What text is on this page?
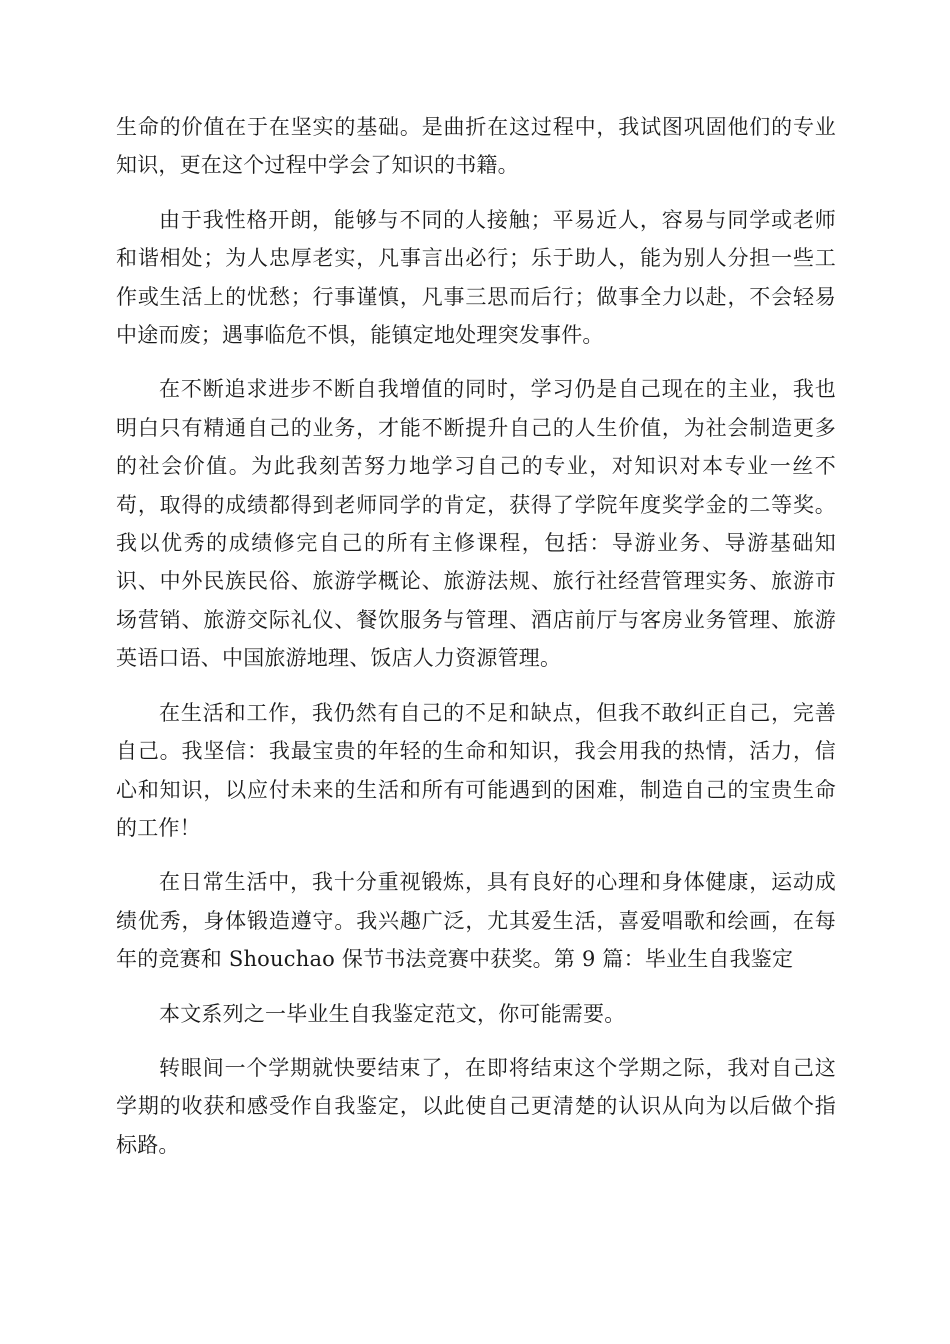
生命的价值在于在坚实的基础。是曲折在这过程中，我试图巩固他们的专业知识，更在这个过程中学会了知识的书籍。

由于我性格开朗，能够与不同的人接触；平易近人，容易与同学或老师和谐相处；为人忠厚老实，凡事言出必行；乐于助人，能为别人分担一些工作或生活上的忧愁；行事谨慎，凡事三思而后行；做事全力以赴，不会轻易中途而废；遇事临危不惧，能镇定地处理突发事件。

在不断追求进步不断自我增值的同时，学习仍是自己现在的主业，我也明白只有精通自己的业务，才能不断提升自己的人生价值，为社会制造更多的社会价值。为此我刻苦努力地学习自己的专业，对知识对本专业一丝不苟，取得的成绩都得到老师同学的肯定，获得了学院年度奖学金的二等奖。我以优秀的成绩修完自己的所有主修课程，包括：导游业务、导游基础知识、中外民族民俗、旅游学概论、旅游法规、旅行社经营管理实务、旅游市场营销、旅游交际礼仪、餐饮服务与管理、酒店前厅与客房业务管理、旅游英语口语、中国旅游地理、饭店人力资源管理。

在生活和工作，我仍然有自己的不足和缺点，但我不敢纠正自己，完善自己。我坚信：我最宝贵的年轻的生命和知识，我会用我的热情，活力，信心和知识，以应付未来的生活和所有可能遇到的困难，制造自己的宝贵生命的工作！

在日常生活中，我十分重视锻炼，具有良好的心理和身体健康，运动成绩优秀，身体锻造遵守。我兴趣广泛，尤其爱生活，喜爱唱歌和绘画，在每年的竞赛和 Shouchao 保节书法竞赛中获奖。第 9 篇：毕业生自我鉴定

本文系列之一毕业生自我鉴定范文，你可能需要。

转眼间一个学期就快要结束了，在即将结束这个学期之际，我对自己这学期的收获和感受作自我鉴定，以此使自己更清楚的认识从向为以后做个指标路。
